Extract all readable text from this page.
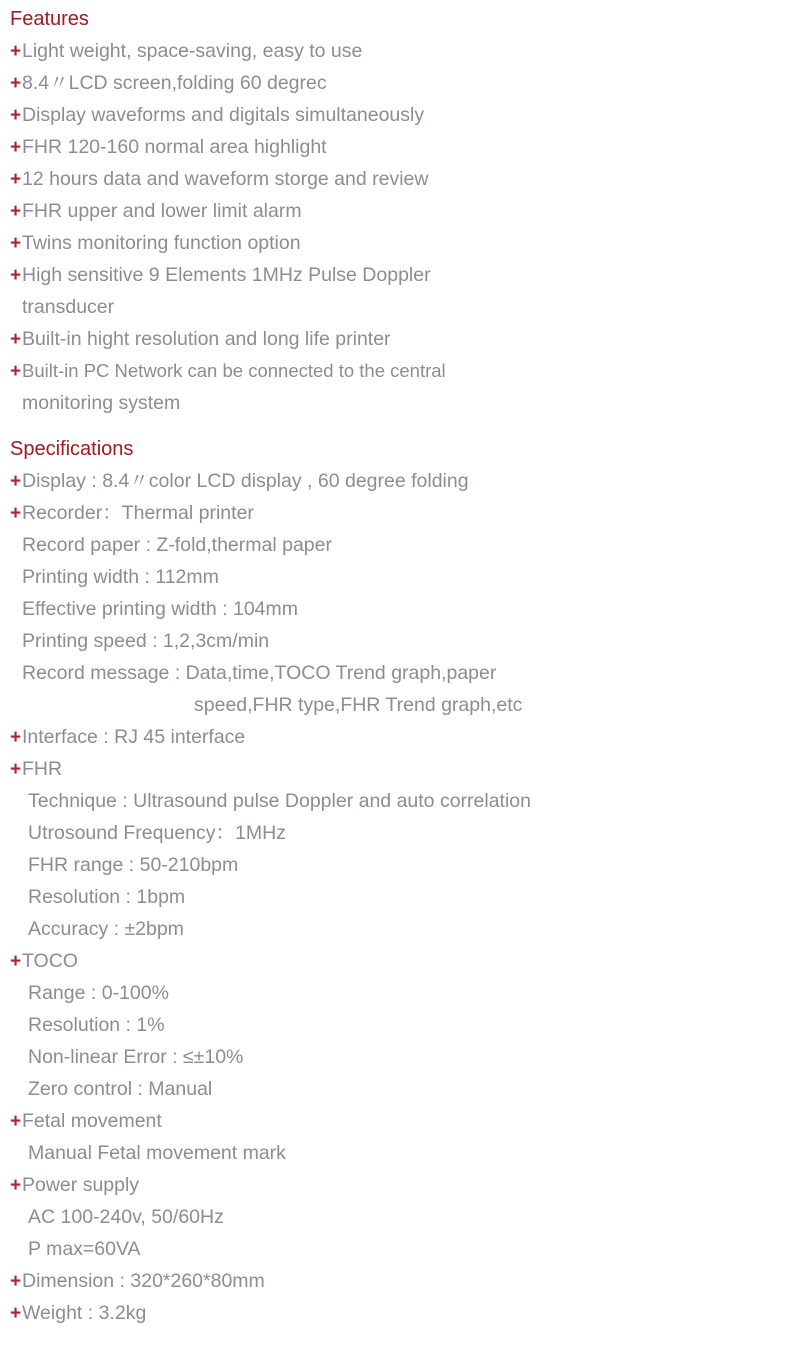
Features
+Light weight, space-saving, easy to use
+8.4〃LCD screen,folding 60 degrec
+Display waveforms and digitals simultaneously
+FHR 120-160 normal area highlight
+12 hours data and waveform storge and review
+FHR upper and lower limit alarm
+Twins monitoring function option
+High sensitive 9 Elements 1MHz Pulse Doppler
transducer
+Built-in hight resolution and long life printer
+Built-in PC Network can be connected to the central
monitoring system
Specifications
+Display : 8.4〃color LCD display , 60 degree folding
+Recorder：Thermal printer
Record paper : Z-fold,thermal paper
Printing width : 112mm
Effective printing width : 104mm
Printing speed : 1,2,3cm/min
Record message : Data,time,TOCO Trend graph,paper
speed,FHR type,FHR Trend graph,etc
+Interface : RJ 45 interface
+FHR
Technique : Ultrasound pulse Doppler and auto correlation
Utrosound Frequency：1MHz
FHR range : 50-210bpm
Resolution : 1bpm
Accuracy : ±2bpm
+TOCO
Range : 0-100%
Resolution : 1%
Non-linear Error : ≤±10%
Zero control : Manual
+Fetal movement
Manual Fetal movement mark
+Power supply
AC 100-240v, 50/60Hz
P max=60VA
+Dimension : 320*260*80mm
+Weight : 3.2kg
